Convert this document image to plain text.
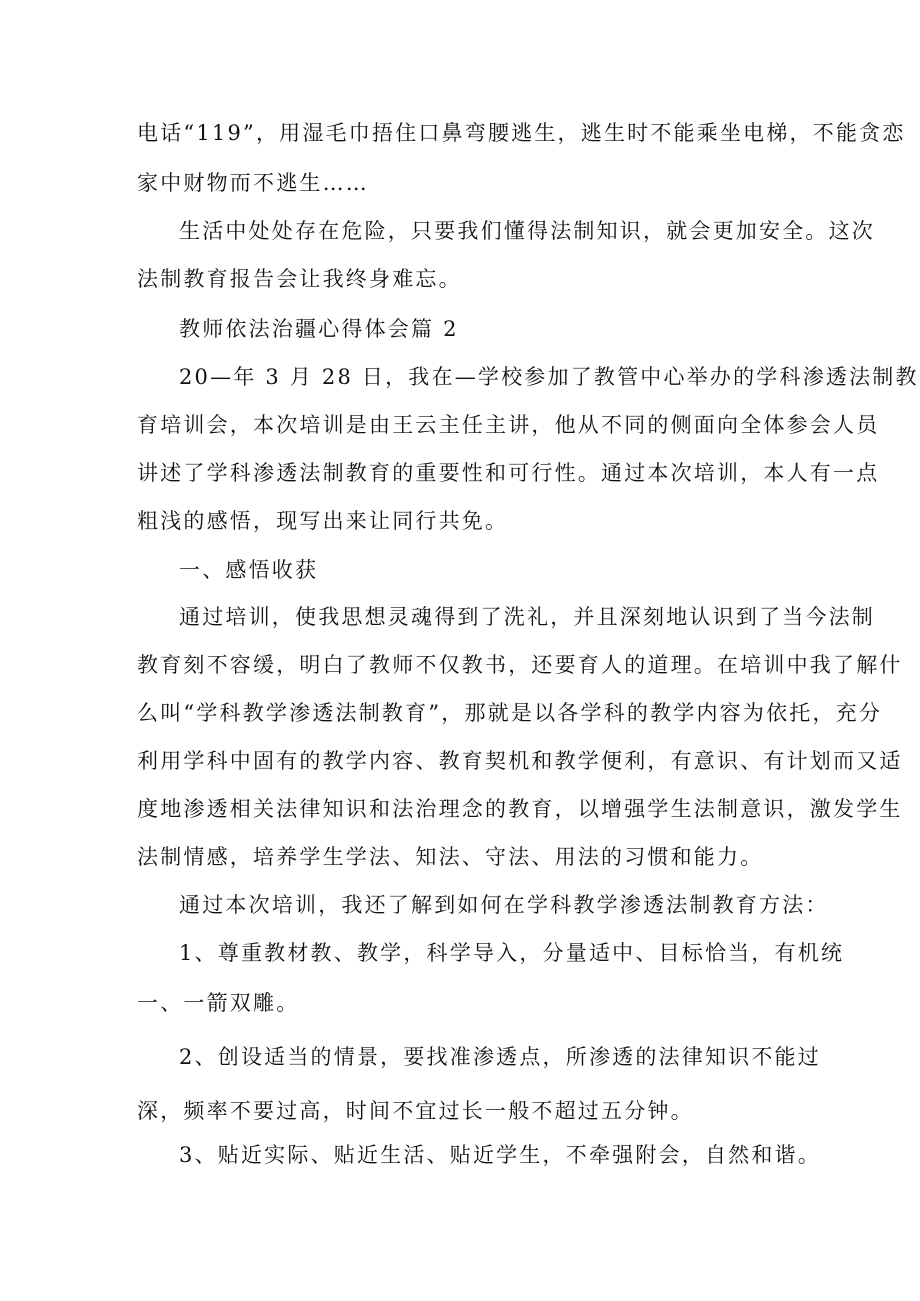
电话“119”，用湿毛巾捂住口鼻弯腰逃生，逃生时不能乘坐电梯，不能贪恋
家中财物而不逃生……
生活中处处存在危险，只要我们懂得法制知识，就会更加安全。这次
法制教育报告会让我终身难忘。
教师依法治疆心得体会篇 2
20—年 3 月 28 日，我在—学校参加了教管中心举办的学科渗透法制教
育培训会，本次培训是由王云主任主讲，他从不同的侧面向全体参会人员
讲述了学科渗透法制教育的重要性和可行性。通过本次培训，本人有一点
粗浅的感悟，现写出来让同行共免。
一、感悟收获
通过培训，使我思想灵魂得到了洗礼，并且深刻地认识到了当今法制
教育刻不容缓，明白了教师不仅教书，还要育人的道理。在培训中我了解什
么叫“学科教学渗透法制教育”，那就是以各学科的教学内容为依托，充分
利用学科中固有的教学内容、教育契机和教学便利，有意识、有计划而又适
度地渗透相关法律知识和法治理念的教育，以增强学生法制意识，激发学生
法制情感，培养学生学法、知法、守法、用法的习惯和能力。
通过本次培训，我还了解到如何在学科教学渗透法制教育方法：
1、尊重教材教、教学，科学导入，分量适中、目标恰当，有机统
一、一箭双雕。
2、创设适当的情景，要找准渗透点，所渗透的法律知识不能过
深，频率不要过高，时间不宜过长一般不超过五分钟。
3、贴近实际、贴近生活、贴近学生，不牵强附会，自然和谐。
